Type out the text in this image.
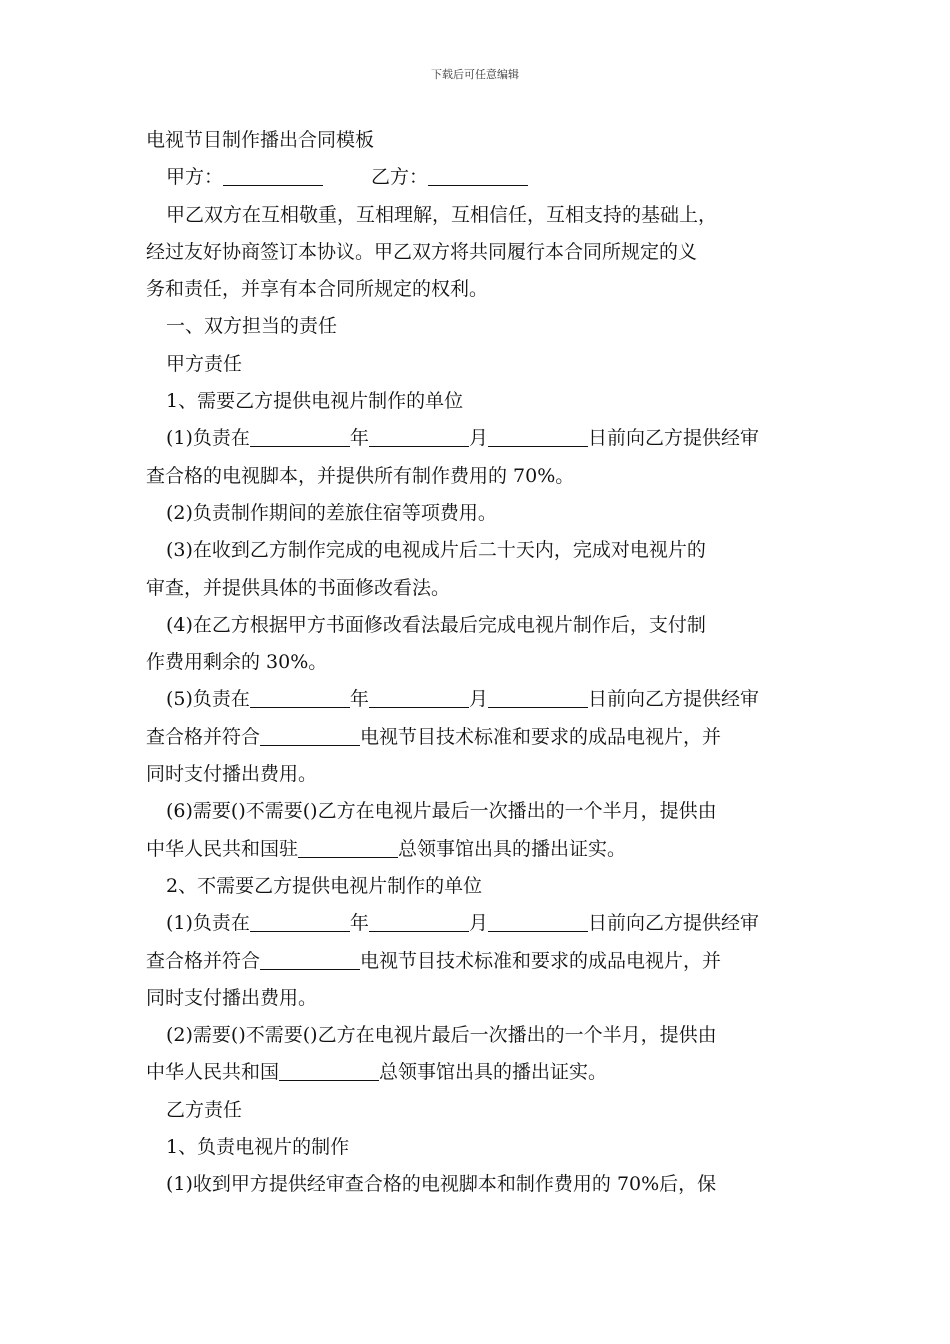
下载后可任意编辑
电视节目制作播出合同模板
甲方：	乙方：
甲乙双方在互相敬重，互相理解，互相信任，互相支持的基础上，
经过友好协商签订本协议。甲乙双方将共同履行本合同所规定的义
务和责任，并享有本合同所规定的权利。
一、双方担当的责任
甲方责任
1、需要乙方提供电视片制作的单位
(1)负责在	年	月	日前向乙方提供经审
查合格的电视脚本，并提供所有制作费用的 70%。
(2)负责制作期间的差旅住宿等项费用。
(3)在收到乙方制作完成的电视成片后二十天内，完成对电视片的
审查，并提供具体的书面修改看法。
(4)在乙方根据甲方书面修改看法最后完成电视片制作后，支付制
作费用剩余的 30%。
(5)负责在	年	月	日前向乙方提供经审
查合格并符合	电视节目技术标准和要求的成品电视片，并
同时支付播出费用。
(6)需要()不需要()乙方在电视片最后一次播出的一个半月，提供由
中华人民共和国驻	总领事馆出具的播出证实。
2、不需要乙方提供电视片制作的单位
(1)负责在	年	月	日前向乙方提供经审
查合格并符合	电视节目技术标准和要求的成品电视片，并
同时支付播出费用。
(2)需要()不需要()乙方在电视片最后一次播出的一个半月，提供由
中华人民共和国	总领事馆出具的播出证实。
乙方责任
1、负责电视片的制作
(1)收到甲方提供经审查合格的电视脚本和制作费用的 70%后，保
